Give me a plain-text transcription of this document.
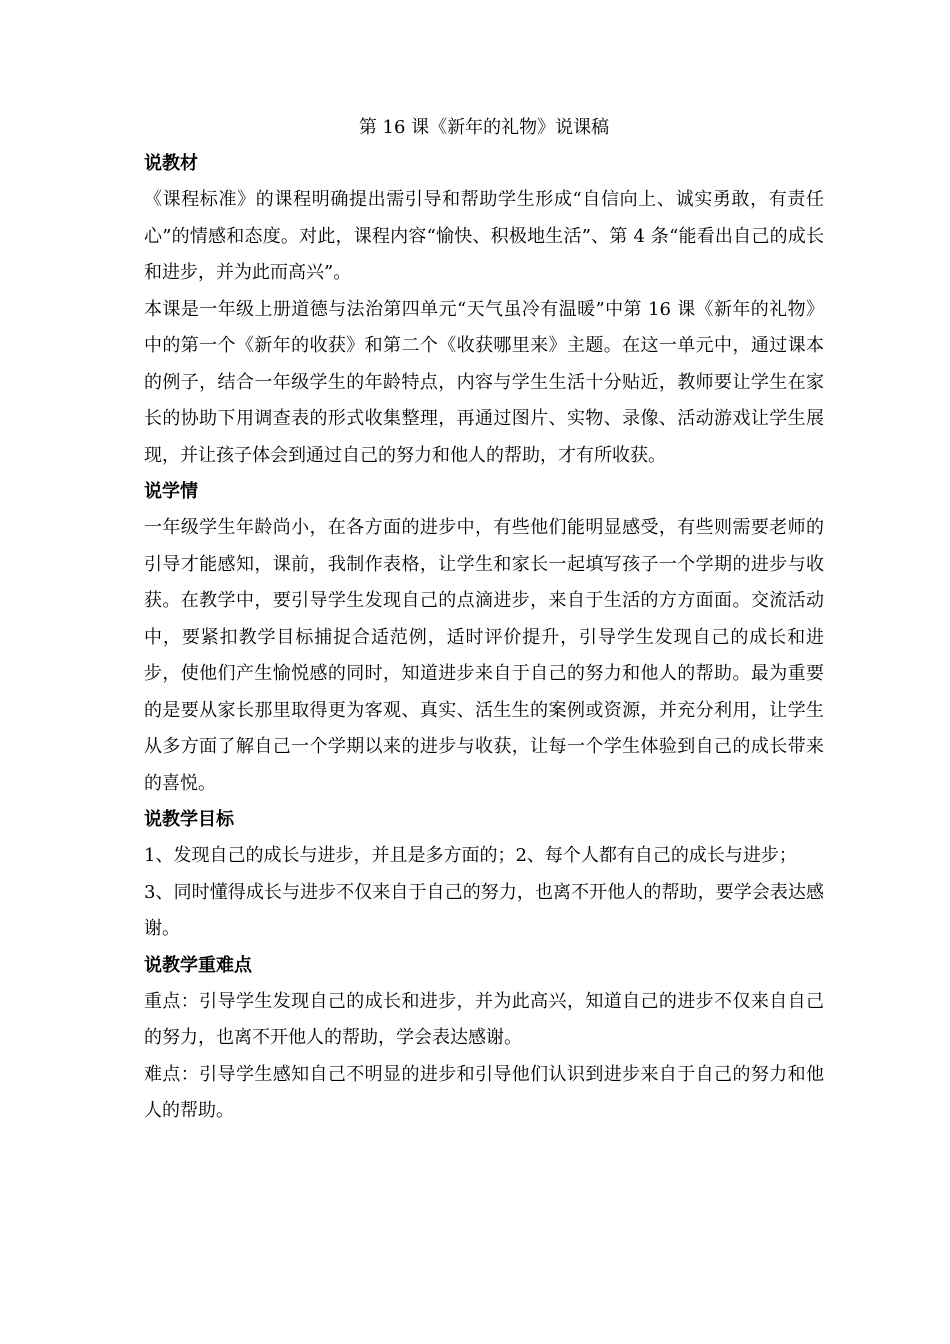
第 16 课《新年的礼物》说课稿
说教材

《课程标准》的课程明确提出需引导和帮助学生形成“自信向上、诚实勇敢，有责任心”的情感和态度。对此，课程内容“愉快、积极地生活”、第 4 条“能看出自己的成长和进步，并为此而高兴”。

本课是一年级上册道德与法治第四单元“天气虽冷有温暖”中第 16 课《新年的礼物》中的第一个《新年的收获》和第二个《收获哪里来》主题。在这一单元中，通过课本的例子，结合一年级学生的年龄特点，内容与学生生活十分贴近，教师要让学生在家长的协助下用调查表的形式收集整理，再通过图片、实物、录像、活动游戏让学生展现，并让孩子体会到通过自己的努力和他人的帮助，才有所收获。

说学情

一年级学生年龄尚小，在各方面的进步中，有些他们能明显感受，有些则需要老师的引导才能感知，课前，我制作表格，让学生和家长一起填写孩子一个学期的进步与收获。在教学中，要引导学生发现自己的点滴进步，来自于生活的方方面面。交流活动中，要紧扣教学目标捕捉合适范例，适时评价提升，引导学生发现自己的成长和进步，使他们产生愉悦感的同时，知道进步来自于自己的努力和他人的帮助。最为重要的是要从家长那里取得更为客观、真实、活生生的案例或资源，并充分利用，让学生从多方面了解自己一个学期以来的进步与收获，让每一个学生体验到自己的成长带来的喜悦。

说教学目标

1、发现自己的成长与进步，并且是多方面的；2、每个人都有自己的成长与进步；

3、同时懂得成长与进步不仅来自于自己的努力，也离不开他人的帮助，要学会表达感谢。

说教学重难点

重点：引导学生发现自己的成长和进步，并为此高兴，知道自己的进步不仅来自自己的努力，也离不开他人的帮助，学会表达感谢。

难点：引导学生感知自己不明显的进步和引导他们认识到进步来自于自己的努力和他人的帮助。
